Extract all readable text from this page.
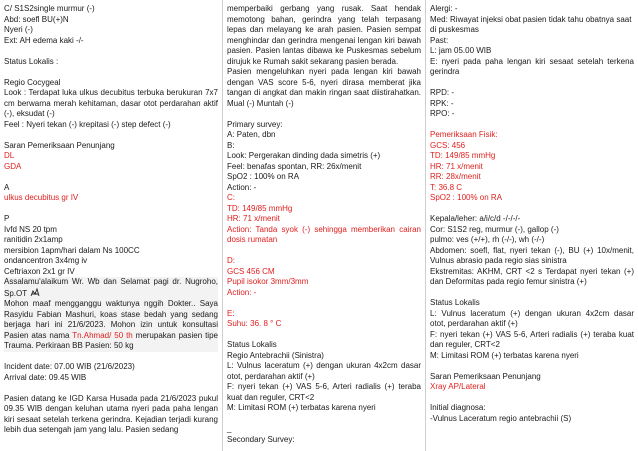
C/ S1S2single murmur (-)

Abd: soefl BU(+)N

Nyeri (-)

Ext: AH edema kaki -/-

Status Lokalis :

Regio Cocygeal

Look : Terdapat luka ulkus decubitus terbuka berukuran 7x7 cm berwarna merah kehitaman, dasar otot perdarahan aktif (-), eksudat (-)

Feel : Nyeri tekan (-) krepitasi (-) step defect (-)

Saran Pemeriksaan Penunjang

DL

GDA

A

ulkus decubitus gr IV

P

Ivfd NS 20 tpm

ranitidin 2x1amp

mersibion 1apm/hari dalam Ns 100CC

ondancentron 3x4mg iv

Ceftriaxon 2x1 gr IV

Assalamu'alaikum Wr. Wb dan Selamat pagi dr. Nugroho, Sp.OT

Mohon maaf mengganggu waktunya nggih Dokter.. Saya Rasyidu Fabian Mashuri, koas stase bedah yang sedang berjaga hari ini 21/6/2023. Mohon izin untuk konsultasi Pasien atas nama Tn.Ahmad/ 50 th merupakan pasien tipe Trauma. Perkiraan BB Pasien: 50 kg

Incident date: 07.00 WIB (21/6/2023)

Arrival date: 09.45 WIB

Pasien datang ke IGD Karsa Husada pada 21/6/2023 pukul 09.35 WIB dengan keluhan utama nyeri pada paha lengan kiri sesaat setelah terkena gerindra. Kejadian terjadi kurang lebih dua setengah jam yang lalu. Pasien sedang

memperbaiki gerbang yang rusak. Saat hendak memotong bahan, gerindra yang telah terpasang lepas dan melayang ke arah pasien. Pasien sempat menghindar dan gerindra mengenai lengan kiri bawah pasien. Pasien lantas dibawa ke Puskesmas sebelum dirujuk ke Rumah sakit sekarang pasien berada.

Pasien mengeluhkan nyeri pada lengan kiri bawah dengan VAS score 5-6, nyeri dirasa memberat jika tangan di angkat dan makin ringan saat diistirahatkan. Mual (-) Muntah (-)

Primary survey:

A: Paten, dbn

B:

Look: Pergerakan dinding dada simetris (+)

Feel: benafas spontan, RR: 26x/menit

SpO2 : 100% on RA

Action: -

C:

TD: 149/85 mmHg

HR: 71 x/menit

Action: Tanda syok (-) sehingga memberikan cairan dosis rumatan

D:

GCS 456 CM

Pupil isokor 3mm/3mm

Action: -

E:

Suhu: 36. 8 ° C

Status Lokalis

Regio Antebrachii (Sinistra)

L: Vulnus laceratum (+) dengan ukuran 4x2cm dasar otot, perdarahan aktif (+)

F: nyeri tekan (+) VAS 5-6, Arteri radialis (+) teraba kuat dan reguler, CRT<2

M: Limitasi ROM (+) terbatas karena nyeri

_

Secondary Survey:

Alergi: -

Med: Riwayat injeksi obat pasien tidak tahu obatnya saat di puskesmas

Past:

L: jam 05.00 WIB

E: nyeri pada paha lengan kiri sesaat setelah terkena gerindra

RPD: -

RPK: -

RPO: -

Pemeriksaan Fisik:

GCS: 456

TD: 149/85 mmHg

HR: 71 x/menit

RR: 28x/menit

T: 36.8 C

SpO2 : 100% on RA

Kepala/leher: a/i/c/d -/-/-/-

Cor: S1S2 reg, murmur (-), gallop (-)

pulmo: ves (+/+), rh (-/-), wh (-/-)

Abdomen: soefl, flat, nyeri tekan (-), BU (+) 10x/menit, Vulnus abrasio pada regio sias sinistra

Ekstremitas: AKHM, CRT <2 s Terdapat nyeri tekan (+) dan Deformitas pada regio femur sinistra (+)

Status Lokalis

L: Vulnus laceratum (+) dengan ukuran 4x2cm dasar otot, perdarahan aktif (+)

F: nyeri tekan (+) VAS 5-6, Arteri radialis (+) teraba kuat dan reguler, CRT<2

M: Limitasi ROM (+) terbatas karena nyeri

Saran Pemeriksaan Penunjang

Xray AP/Lateral

Initial diagnosa:

-Vulnus Laceratum regio antebrachii (S)
